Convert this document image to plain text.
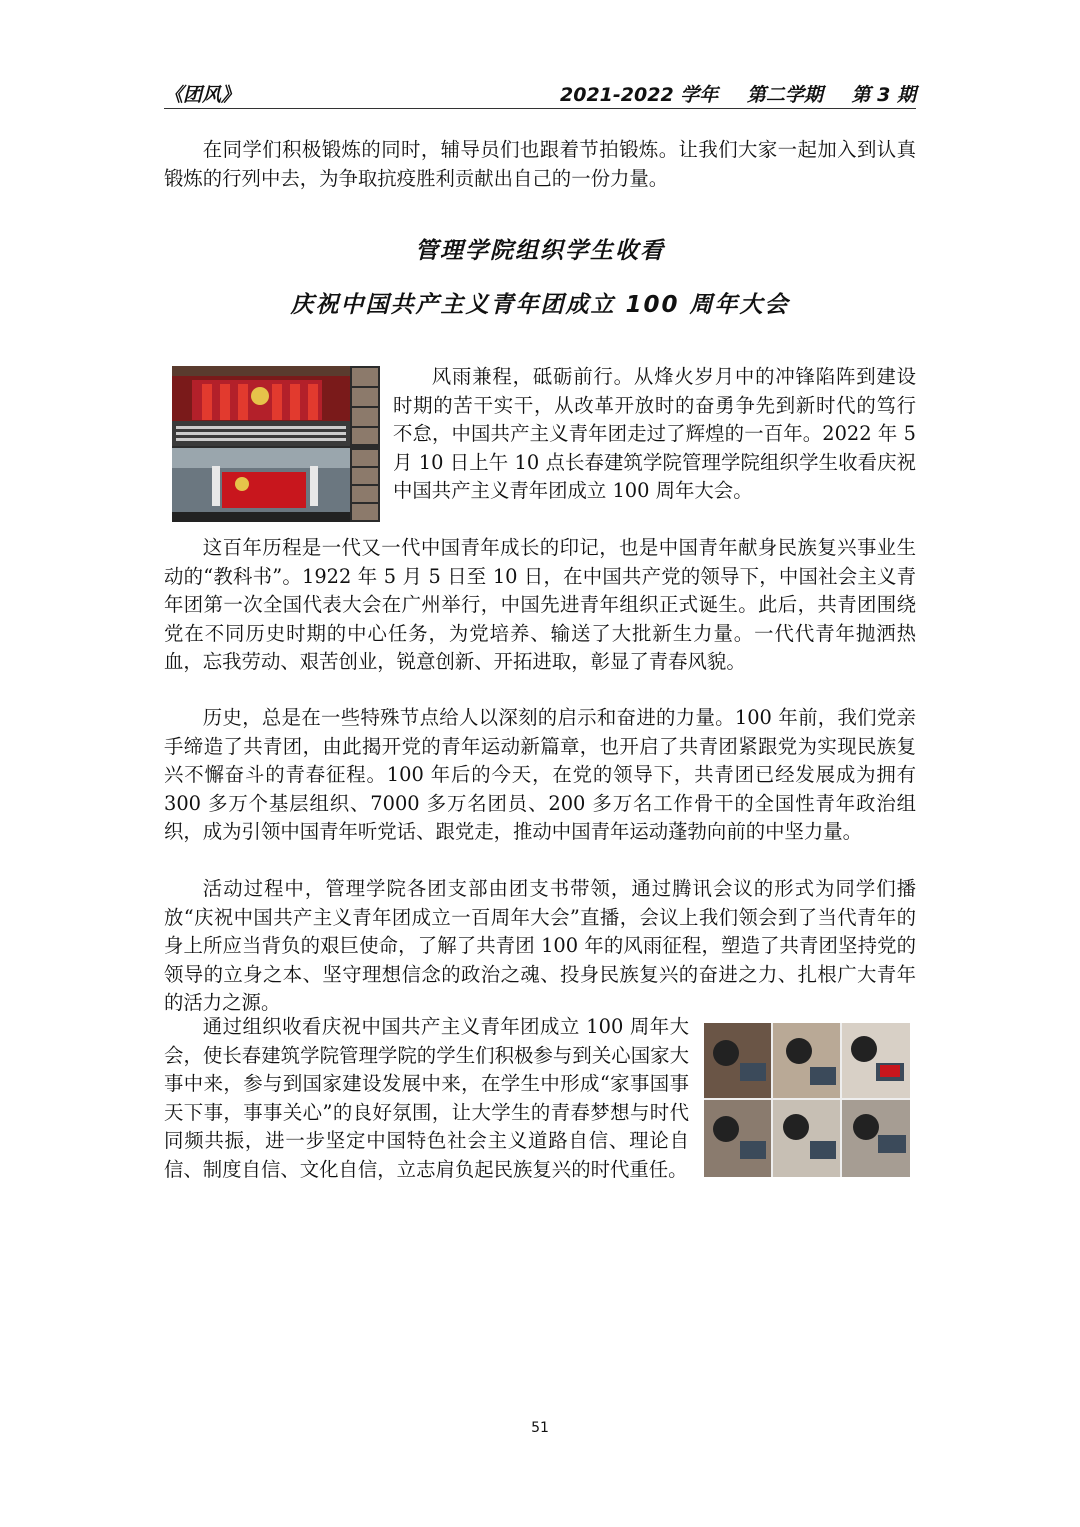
《团风》	2021-2022 学年 第二学期 第 3 期

在同学们积极锻炼的同时，辅导员们也跟着节拍锻炼。让我们大家一起加入到认真锻炼的行列中去，为争取抗疫胜利贡献出自己的一份力量。

管理学院组织学生收看
庆祝中国共产主义青年团成立 100 周年大会

风雨兼程，砥砺前行。从烽火岁月中的冲锋陷阵到建设时期的苦干实干，从改革开放时的奋勇争先到新时代的笃行不怠，中国共产主义青年团走过了辉煌的一百年。2022 年 5 月 10 日上午 10 点长春建筑学院管理学院组织学生收看庆祝中国共产主义青年团成立 100 周年大会。

这百年历程是一代又一代中国青年成长的印记，也是中国青年献身民族复兴事业生动的“教科书”。1922 年 5 月 5 日至 10 日，在中国共产党的领导下，中国社会主义青年团第一次全国代表大会在广州举行，中国先进青年组织正式诞生。此后，共青团围绕党在不同历史时期的中心任务，为党培养、输送了大批新生力量。一代代青年抛洒热血，忘我劳动、艰苦创业，锐意创新、开拓进取，彰显了青春风貌。

历史，总是在一些特殊节点给人以深刻的启示和奋进的力量。100 年前，我们党亲手缔造了共青团，由此揭开党的青年运动新篇章，也开启了共青团紧跟党为实现民族复兴不懈奋斗的青春征程。100 年后的今天，在党的领导下，共青团已经发展成为拥有 300 多万个基层组织、7000 多万名团员、200 多万名工作骨干的全国性青年政治组织，成为引领中国青年听党话、跟党走，推动中国青年运动蓬勃向前的中坚力量。

活动过程中，管理学院各团支部由团支书带领，通过腾讯会议的形式为同学们播放“庆祝中国共产主义青年团成立一百周年大会”直播，会议上我们领会到了当代青年的身上所应当背负的艰巨使命，了解了共青团 100 年的风雨征程，塑造了共青团坚持党的领导的立身之本、坚守理想信念的政治之魂、投身民族复兴的奋进之力、扎根广大青年的活力之源。

通过组织收看庆祝中国共产主义青年团成立 100 周年大会，使长春建筑学院管理学院的学生们积极参与到关心国家大事中来，参与到国家建设发展中来，在学生中形成“家事国事天下事，事事关心”的良好氛围，让大学生的青春梦想与时代同频共振，进一步坚定中国特色社会主义道路自信、理论自信、制度自信、文化自信，立志肩负起民族复兴的时代重任。

51
